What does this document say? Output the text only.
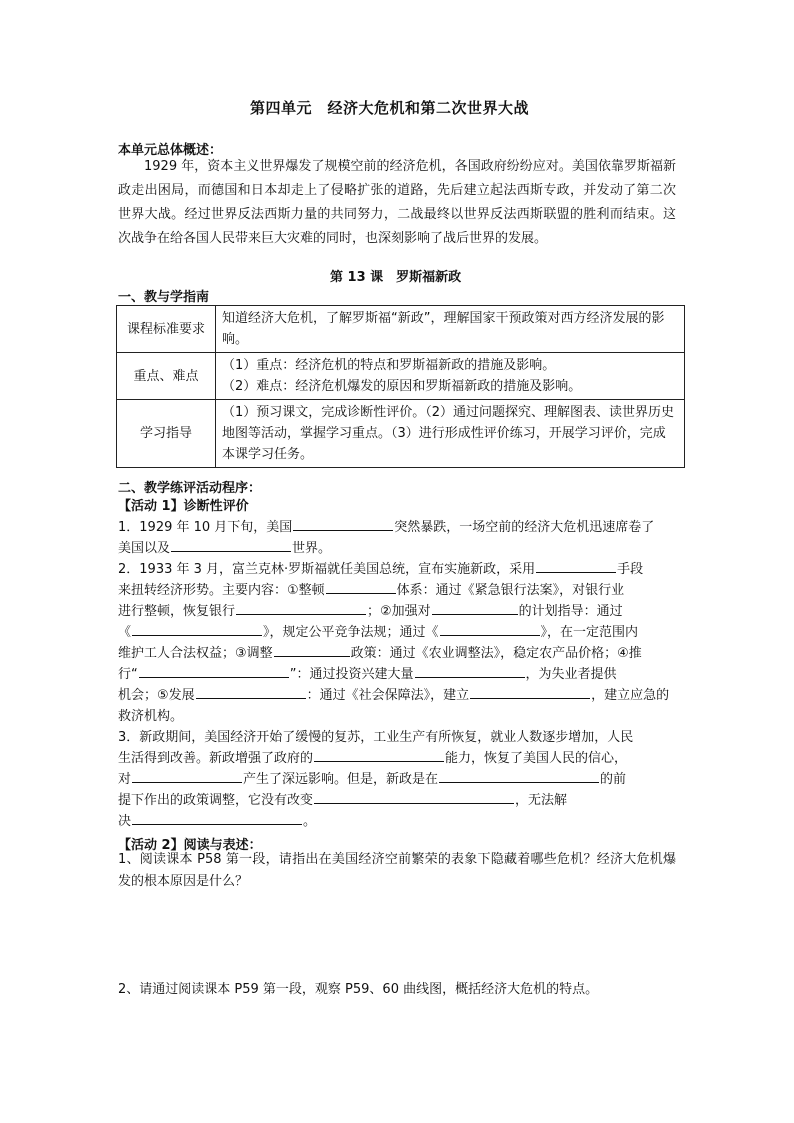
第四单元　经济大危机和第二次世界大战
本单元总体概述：
1929 年，资本主义世界爆发了规模空前的经济危机，各国政府纷纷应对。美国依靠罗斯福新政走出困局，而德国和日本却走上了侵略扩张的道路，先后建立起法西斯专政，并发动了第二次世界大战。经过世界反法西斯力量的共同努力，二战最终以世界反法西斯联盟的胜利而结束。这次战争在给各国人民带来巨大灾难的同时，也深刻影响了战后世界的发展。
第 13 课　罗斯福新政
一、教与学指南
课程标准要求	知道经济大危机，了解罗斯福“新政”，理解国家干预政策对西方经济发展的影响。
重点、难点	（1）重点：经济危机的特点和罗斯福新政的措施及影响。
（2）难点：经济危机爆发的原因和罗斯福新政的措施及影响。
学习指导	（1）预习课文，完成诊断性评价。（2）通过问题探究、理解图表、读世界历史地图等活动，掌握学习重点。（3）进行形成性评价练习，开展学习评价，完成本课学习任务。
二、教学练评活动程序：
【活动 1】诊断性评价
1．1929 年 10 月下旬，美国	突然暴跌，一场空前的经济大危机迅速席卷了
美国以及	世界。
2．1933 年 3 月，富兰克林·罗斯福就任美国总统，宣布实施新政，采用	手段
来扭转经济形势。主要内容：①整顿	体系：通过《紧急银行法案》，对银行业
进行整顿，恢复银行	；②加强对	的计划指导：通过
《	》，规定公平竞争法规；通过《	》，在一定范围内
维护工人合法权益；③调整	政策：通过《农业调整法》，稳定农产品价格；④推
行“	”：通过投资兴建大量	，为失业者提供
机会；⑤发展	：通过《社会保障法》，建立	，建立应急的
救济机构。
3．新政期间，美国经济开始了缓慢的复苏，工业生产有所恢复，就业人数逐步增加，人民
生活得到改善。新政增强了政府的	能力，恢复了美国人民的信心，
对	产生了深远影响。但是，新政是在	的前
提下作出的政策调整，它没有改变	，无法解
决	。
【活动 2】阅读与表述：
1、阅读课本 P58 第一段，请指出在美国经济空前繁荣的表象下隐藏着哪些危机？经济大危机爆发的根本原因是什么？
2、请通过阅读课本 P59 第一段，观察 P59、60 曲线图，概括经济大危机的特点。
